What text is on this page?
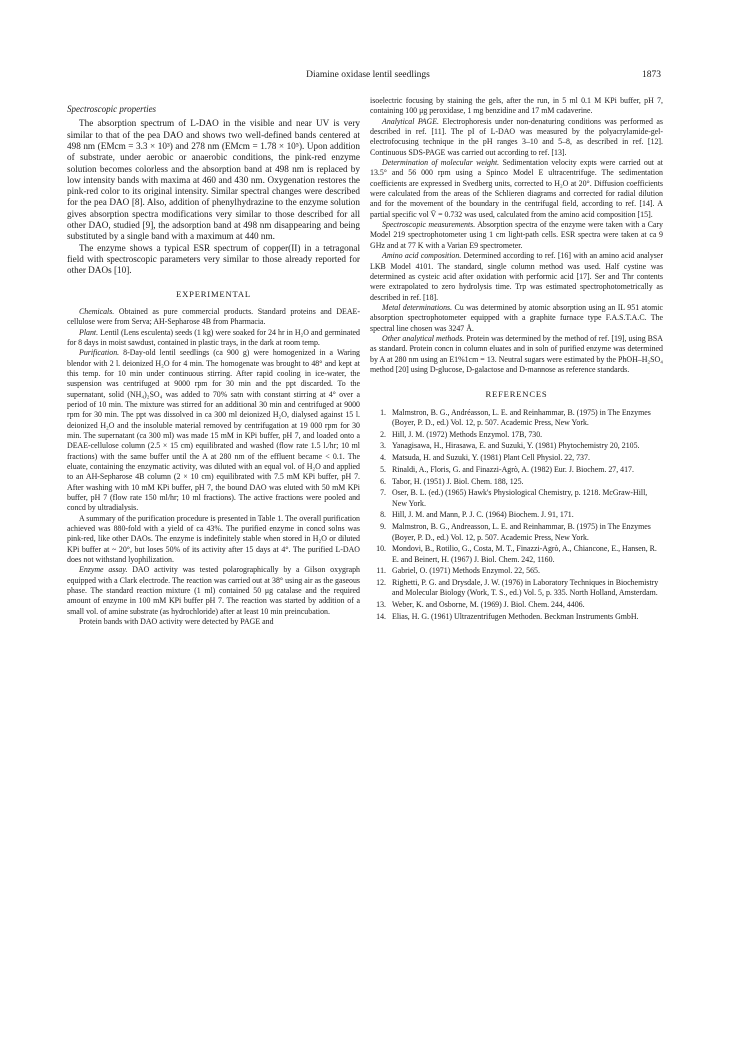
Diamine oxidase lentil seedlings	1873
Spectroscopic properties

The absorption spectrum of L-DAO in the visible and near UV is very similar to that of the pea DAO and shows two well-defined bands centered at 498 nm (EMcm = 3.3 × 10³) and 278 nm (EMcm = 1.78 × 10⁵). Upon addition of substrate, under aerobic or anaerobic conditions, the pink-red enzyme solution becomes colorless and the absorption band at 498 nm is replaced by low intensity bands with maxima at 460 and 430 nm. Oxygenation restores the pink-red color to its original intensity. Similar spectral changes were described for the pea DAO [8]. Also, addition of phenylhydrazine to the enzyme solution gives absorption spectra modifications very similar to those described for all other DAO, studied [9], the adsorption band at 498 nm disappearing and being substituted by a single band with a maximum at 440 nm.

The enzyme shows a typical ESR spectrum of copper(II) in a tetragonal field with spectroscopic parameters very similar to those already reported for other DAOs [10].

EXPERIMENTAL

Chemicals. Obtained as pure commercial products. Standard proteins and DEAE-cellulose were from Serva; AH-Sepharose 4B from Pharmacia.

Plant. Lentil (Lens esculenta) seeds (1 kg) were soaked for 24 hr in H₂O and germinated for 8 days in moist sawdust, contained in plastic trays, in the dark at room temp.

Purification. 8-Day-old lentil seedlings (ca 900 g) were homogenized in a Waring blendor with 2 l. deionized H₂O for 4 min. The homogenate was brought to 48° and kept at this temp. for 10 min under continuous stirring. After rapid cooling in ice-water, the suspension was centrifuged at 9000 rpm for 30 min and the ppt discarded. To the supernatant, solid (NH₄)₂SO₄ was added to 70% satn with constant stirring at 4° over a period of 10 min. The mixture was stirred for an additional 30 min and centrifuged at 9000 rpm for 30 min. The ppt was dissolved in ca 300 ml deionized H₂O, dialysed against 15 l. deionized H₂O and the insoluble material removed by centrifugation at 19 000 rpm for 30 min. The supernatant (ca 300 ml) was made 15 mM in KPi buffer, pH 7, and loaded onto a DEAE-cellulose column (2.5 × 15 cm) equilibrated and washed (flow rate 1.5 l./hr; 10 ml fractions) with the same buffer until the A at 280 nm of the effluent became < 0.1. The eluate, containing the enzymatic activity, was diluted with an equal vol. of H₂O and applied to an AH-Sepharose 4B column (2 × 10 cm) equilibrated with 7.5 mM KPi buffer, pH 7. After washing with 10 mM KPi buffer, pH 7, the bound DAO was eluted with 50 mM KPi buffer, pH 7 (flow rate 150 ml/hr; 10 ml fractions). The active fractions were pooled and concd by ultradialysis.

A summary of the purification procedure is presented in Table 1. The overall purification achieved was 880-fold with a yield of ca 43%. The purified enzyme in concd solns was pink-red, like other DAOs. The enzyme is indefinitely stable when stored in H₂O or diluted KPi buffer at ~ 20°, but loses 50% of its activity after 15 days at 4°. The purified L-DAO does not withstand lyophilization.

Enzyme assay. DAO activity was tested polarographically by a Gilson oxygraph equipped with a Clark electrode. The reaction was carried out at 38° using air as the gaseous phase. The standard reaction mixture (1 ml) contained 50 μg catalase and the required amount of enzyme in 100 mM KPi buffer pH 7. The reaction was started by addition of a small vol. of amine substrate (as hydrochloride) after at least 10 min preincubation.

Protein bands with DAO activity were detected by PAGE and

isoelectric focusing by staining the gels, after the run, in 5 ml 0.1 M KPi buffer, pH 7, containing 100 μg peroxidase, 1 mg benzidine and 17 mM cadaverine.

Analytical PAGE. Electrophoresis under non-denaturing conditions was performed as described in ref. [11]. The pI of L-DAO was measured by the polyacrylamide-gel-electrofocusing technique in the pH ranges 3–10 and 5–8, as described in ref. [12]. Continuous SDS-PAGE was carried out according to ref. [13].

Determination of molecular weight. Sedimentation velocity expts were carried out at 13.5° and 56 000 rpm using a Spinco Model E ultracentrifuge. The sedimentation coefficients are expressed in Svedberg units, corrected to H₂O at 20°. Diffusion coefficients were calculated from the areas of the Schlieren diagrams and corrected for radial dilution and for the movement of the boundary in the centrifugal field, according to ref. [14]. A partial specific vol V̄ = 0.732 was used, calculated from the amino acid composition [15].

Spectroscopic measurements. Absorption spectra of the enzyme were taken with a Cary Model 219 spectrophotometer using 1 cm light-path cells. ESR spectra were taken at ca 9 GHz and at 77 K with a Varian E9 spectrometer.

Amino acid composition. Determined according to ref. [16] with an amino acid analyser LKB Model 4101. The standard, single column method was used. Half cystine was determined as cysteic acid after oxidation with performic acid [17]. Ser and Thr contents were extrapolated to zero hydrolysis time. Trp was estimated spectrophotometrically as described in ref. [18].

Metal determinations. Cu was determined by atomic absorption using an IL 951 atomic absorption spectrophotometer equipped with a graphite furnace type F.A.S.T.A.C. The spectral line chosen was 3247 Å.

Other analytical methods. Protein was determined by the method of ref. [19], using BSA as standard. Protein concn in column eluates and in soln of purified enzyme was determined by A at 280 nm using an E1%1cm = 13. Neutral sugars were estimated by the PhOH–H₂SO₄ method [20] using D-glucose, D-galactose and D-mannose as reference standards.

REFERENCES
1. Malmstron, B. G., Andréasson, L. E. and Reinhammar, B. (1975) in The Enzymes (Boyer, P. D., ed.) Vol. 12, p. 507. Academic Press, New York.
2. Hill, J. M. (1972) Methods Enzymol. 17B, 730.
3. Yanagisawa, H., Hirasawa, E. and Suzuki, Y. (1981) Phytochemistry 20, 2105.
4. Matsuda, H. and Suzuki, Y. (1981) Plant Cell Physiol. 22, 737.
5. Rinaldi, A., Floris, G. and Finazzi-Agrò, A. (1982) Eur. J. Biochem. 27, 417.
6. Tabor, H. (1951) J. Biol. Chem. 188, 125.
7. Oser, B. L. (ed.) (1965) Hawk's Physiological Chemistry, p. 1218. McGraw-Hill, New York.
8. Hill, J. M. and Mann, P. J. C. (1964) Biochem. J. 91, 171.
9. Malmstron, B. G., Andreasson, L. E. and Reinhammar, B. (1975) in The Enzymes (Boyer, P. D., ed.) Vol. 12, p. 507. Academic Press, New York.
10. Mondovi, B., Rotilio, G., Costa, M. T., Finazzi-Agrò, A., Chiancone, E., Hansen, R. E. and Beinert, H. (1967) J. Biol. Chem. 242, 1160.
11. Gabriel, O. (1971) Methods Enzymol. 22, 565.
12. Righetti, P. G. and Drysdale, J. W. (1976) in Laboratory Techniques in Biochemistry and Molecular Biology (Work, T. S., ed.) Vol. 5, p. 335. North Holland, Amsterdam.
13. Weber, K. and Osborne, M. (1969) J. Biol. Chem. 244, 4406.
14. Elias, H. G. (1961) Ultrazentrifugen Methoden. Beckman Instruments GmbH.
